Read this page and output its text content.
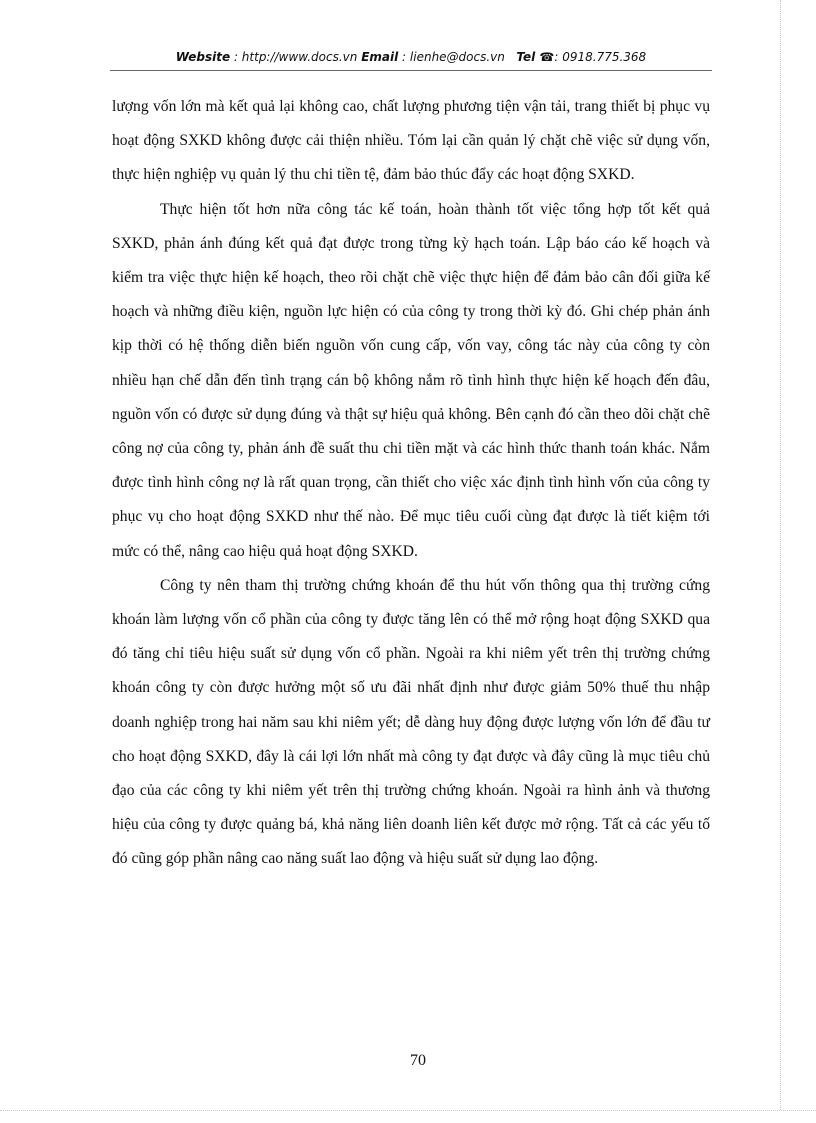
Website : http://www.docs.vn Email : lienhe@docs.vn   Tel ☎: 0918.775.368

lượng vốn lớn mà kết quả lại không cao, chất lượng phương tiện vận tải, trang thiết bị phục vụ hoạt động SXKD không được cải thiện nhiều. Tóm lại cần quản lý chặt chẽ việc sử dụng vốn, thực hiện nghiệp vụ quản lý thu chi tiền tệ, đảm bảo thúc đẩy các hoạt động SXKD.

Thực hiện tốt hơn nữa công tác kế toán, hoàn thành tốt việc tổng hợp tốt kết quả SXKD, phản ánh đúng kết quả đạt được trong từng kỳ hạch toán. Lập báo cáo kế hoạch và kiểm tra việc thực hiện kế hoạch, theo rõi chặt chẽ việc thực hiện để đảm bảo cân đối giữa kế hoạch và những điều kiện, nguồn lực hiện có của công ty trong thời kỳ đó. Ghi chép phản ánh kịp thời có hệ thống diễn biến nguồn vốn cung cấp, vốn vay, công tác này của công ty còn nhiều hạn chế dẫn đến tình trạng cán bộ không nắm rõ tình hình thực hiện kế hoạch đến đâu, nguồn vốn có được sử dụng đúng và thật sự hiệu quả không. Bên cạnh đó cần theo dõi chặt chẽ công nợ của công ty, phản ánh đề suất thu chi tiền mặt và các hình thức thanh toán khác. Nắm được tình hình công nợ là rất quan trọng, cần thiết cho việc xác định tình hình vốn của công ty phục vụ cho hoạt động SXKD như thế nào. Để mục tiêu cuối cùng đạt được là tiết kiệm tới mức có thể, nâng cao hiệu quả hoạt động SXKD.

Công ty nên tham thị trường chứng khoán để thu hút vốn thông qua thị trường cứng khoán làm lượng vốn cổ phần của công ty được tăng lên có thể mở rộng hoạt động SXKD qua đó tăng chỉ tiêu hiệu suất sử dụng vốn cổ phần. Ngoài ra khi niêm yết trên thị trường chứng khoán công ty còn được hưởng một số ưu đãi nhất định như được giảm 50% thuế thu nhập doanh nghiệp trong hai năm sau khi niêm yết; dễ dàng huy động được lượng vốn lớn để đầu tư cho hoạt động SXKD, đây là cái lợi lớn nhất mà công ty đạt được và đây cũng là mục tiêu chủ đạo của các công ty khi niêm yết trên thị trường chứng khoán. Ngoài ra hình ảnh và thương hiệu của công ty được quảng bá, khả năng liên doanh liên kết được mở rộng. Tất cả các yếu tố đó cũng góp phần nâng cao năng suất lao động và hiệu suất sử dụng lao động.

70
